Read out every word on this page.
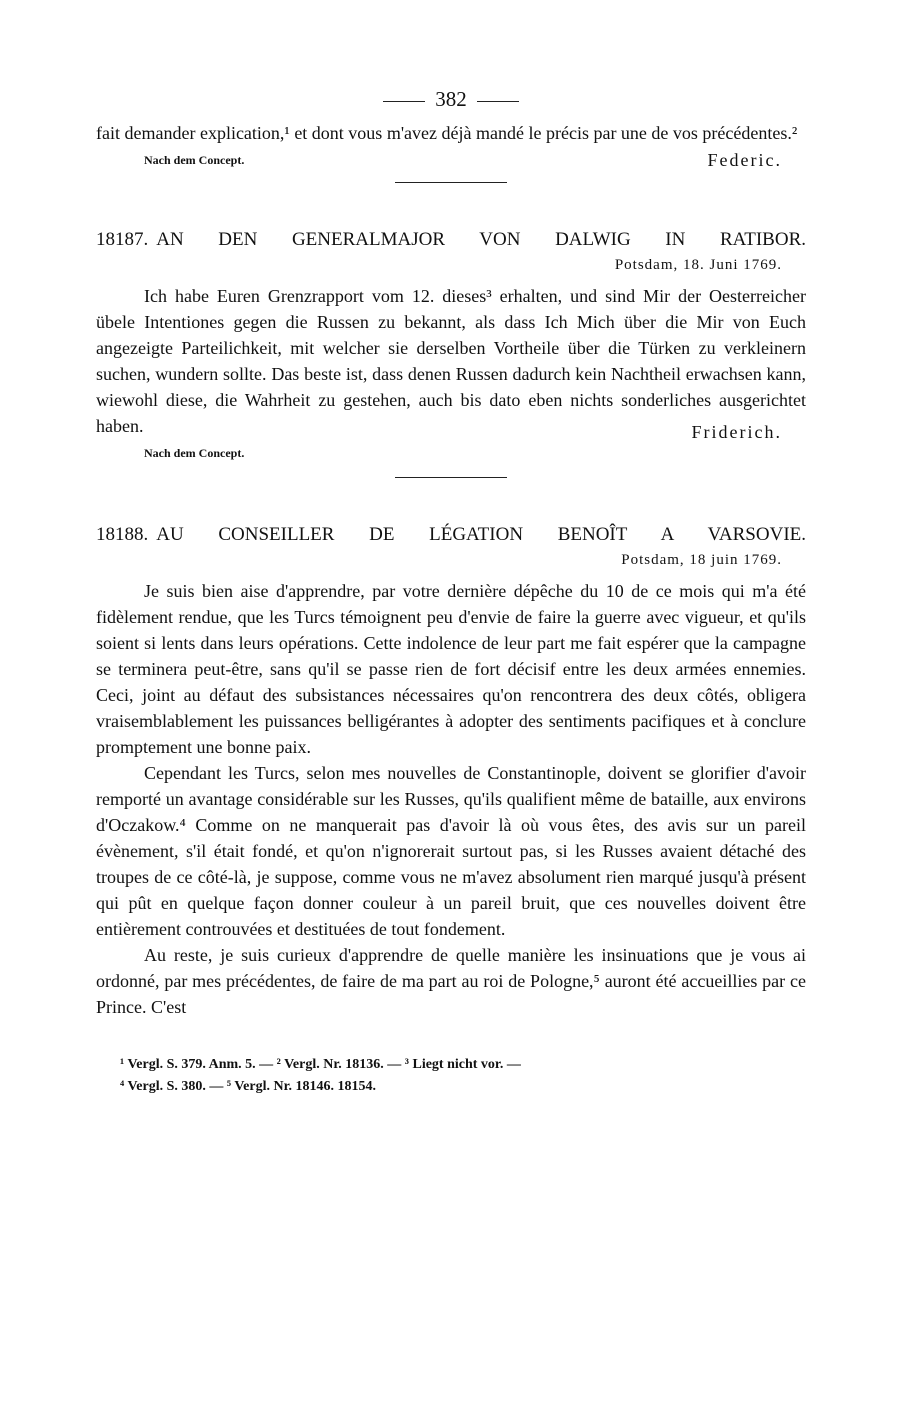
382

fait demander explication,¹ et dont vous m'avez déjà mandé le précis par une de vos précédentes.²

Federic.
Nach dem Concept.
18187. AN DEN GENERALMAJOR VON DALWIG IN RATIBOR.
Potsdam, 18. Juni 1769.

Ich habe Euren Grenzrapport vom 12. dieses³ erhalten, und sind Mir der Oesterreicher übele Intentiones gegen die Russen zu bekannt, als dass Ich Mich über die Mir von Euch angezeigte Parteilichkeit, mit welcher sie derselben Vortheile über die Türken zu verkleinern suchen, wundern sollte. Das beste ist, dass denen Russen dadurch kein Nachtheil erwachsen kann, wiewohl diese, die Wahrheit zu gestehen, auch bis dato eben nichts sonderliches ausgerichtet haben.	Friderich.
Nach dem Concept.
18188. AU CONSEILLER DE LÉGATION BENOÎT A VARSOVIE.
Potsdam, 18 juin 1769.

Je suis bien aise d'apprendre, par votre dernière dépêche du 10 de ce mois qui m'a été fidèlement rendue, que les Turcs témoignent peu d'envie de faire la guerre avec vigueur, et qu'ils soient si lents dans leurs opérations. Cette indolence de leur part me fait espérer que la campagne se terminera peut-être, sans qu'il se passe rien de fort décisif entre les deux armées ennemies. Ceci, joint au défaut des subsistances nécessaires qu'on rencontrera des deux côtés, obligera vraisemblablement les puissances belligérantes à adopter des sentiments pacifiques et à conclure promptement une bonne paix.

Cependant les Turcs, selon mes nouvelles de Constantinople, doivent se glorifier d'avoir remporté un avantage considérable sur les Russes, qu'ils qualifient même de bataille, aux environs d'Oczakow.⁴ Comme on ne manquerait pas d'avoir là où vous êtes, des avis sur un pareil évènement, s'il était fondé, et qu'on n'ignorerait surtout pas, si les Russes avaient détaché des troupes de ce côté-là, je suppose, comme vous ne m'avez absolument rien marqué jusqu'à présent qui pût en quelque façon donner couleur à un pareil bruit, que ces nouvelles doivent être entièrement controuvées et destituées de tout fondement.

Au reste, je suis curieux d'apprendre de quelle manière les insinuations que je vous ai ordonné, par mes précédentes, de faire de ma part au roi de Pologne,⁵ auront été accueillies par ce Prince. C'est

¹ Vergl. S. 379. Anm. 5. — ² Vergl. Nr. 18136. — ³ Liegt nicht vor. —
⁴ Vergl. S. 380. — ⁵ Vergl. Nr. 18146. 18154.
